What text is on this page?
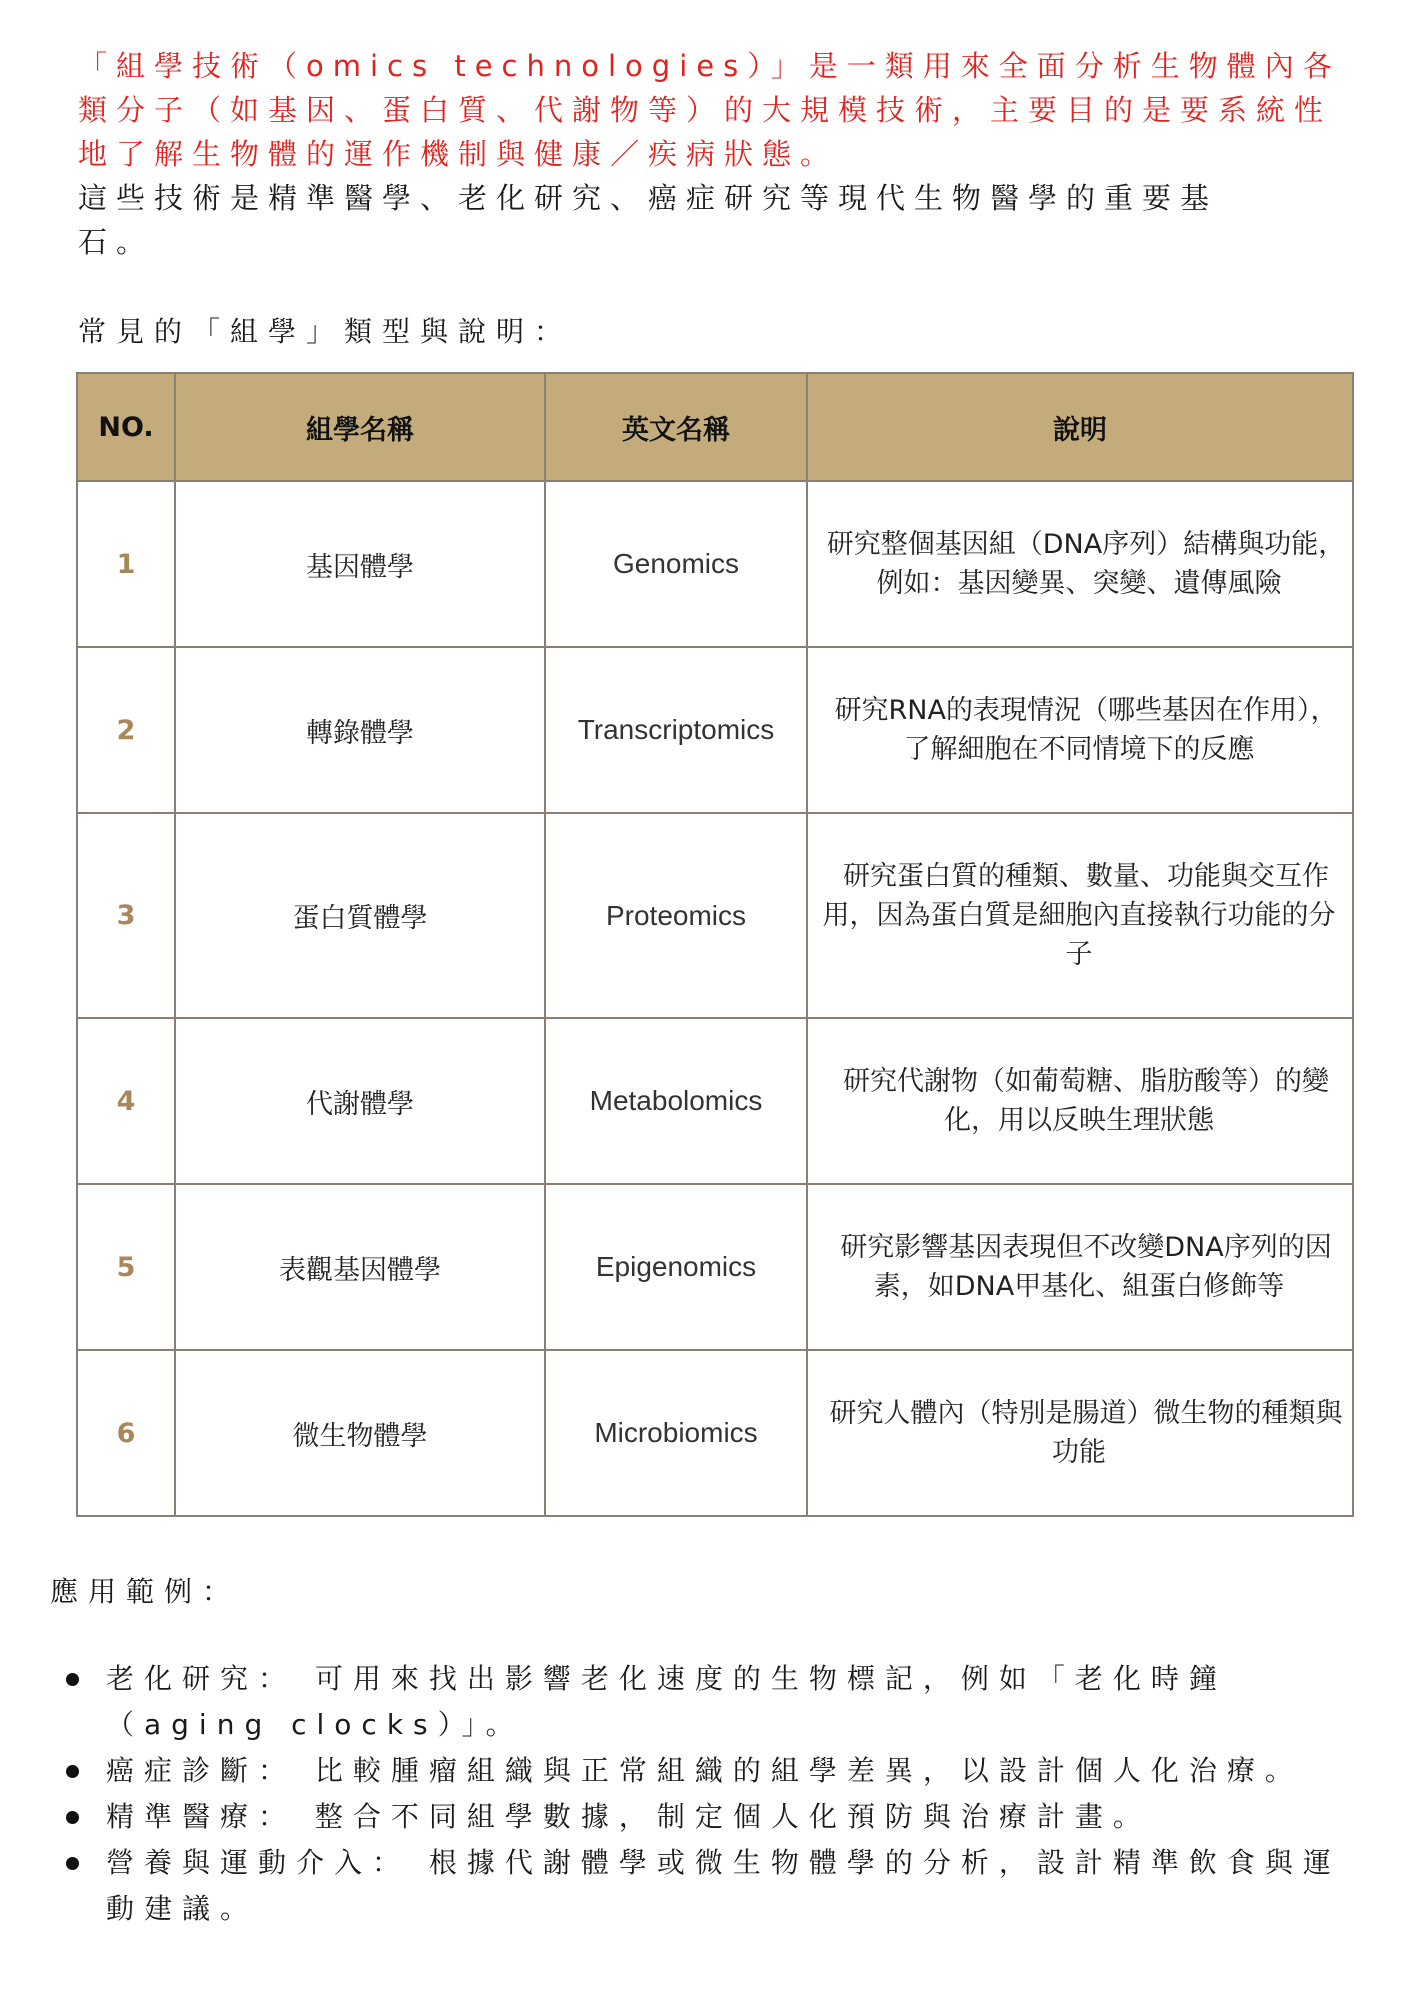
「組學技術（omics technologies）」是一類用來全面分析生物體內各類分子（如基因、蛋白質、代謝物等）的大規模技術，主要目的是要系統性地了解生物體的運作機制與健康／疾病狀態。

這些技術是精準醫學、老化研究、癌症研究等現代生物醫學的重要基石。

常見的「組學」類型與說明：
NO.	組學名稱	英文名稱	說明
1	基因體學	Genomics	研究整個基因組（DNA序列）結構與功能，例如：基因變異、突變、遺傳風險

2	轉錄體學	Transcriptomics	研究RNA的表現情況（哪些基因在作用），了解細胞在不同情境下的反應

3	蛋白質體學	Proteomics	研究蛋白質的種類、數量、功能與交互作用，因為蛋白質是細胞內直接執行功能的分子

4	代謝體學	Metabolomics	研究代謝物（如葡萄糖、脂肪酸等）的變化，用以反映生理狀態

5	表觀基因體學	Epigenomics	研究影響基因表現但不改變DNA序列的因素，如DNA甲基化、組蛋白修飾等

6	微生物體學	Microbiomics	研究人體內（特別是腸道）微生物的種類與功能
應用範例：
老化研究： 可用來找出影響老化速度的生物標記，例如「老化時鐘（aging clocks）」。
癌症診斷： 比較腫瘤組織與正常組織的組學差異，以設計個人化治療。
精準醫療： 整合不同組學數據，制定個人化預防與治療計畫。
營養與運動介入： 根據代謝體學或微生物體學的分析，設計精準飲食與運動建議。
